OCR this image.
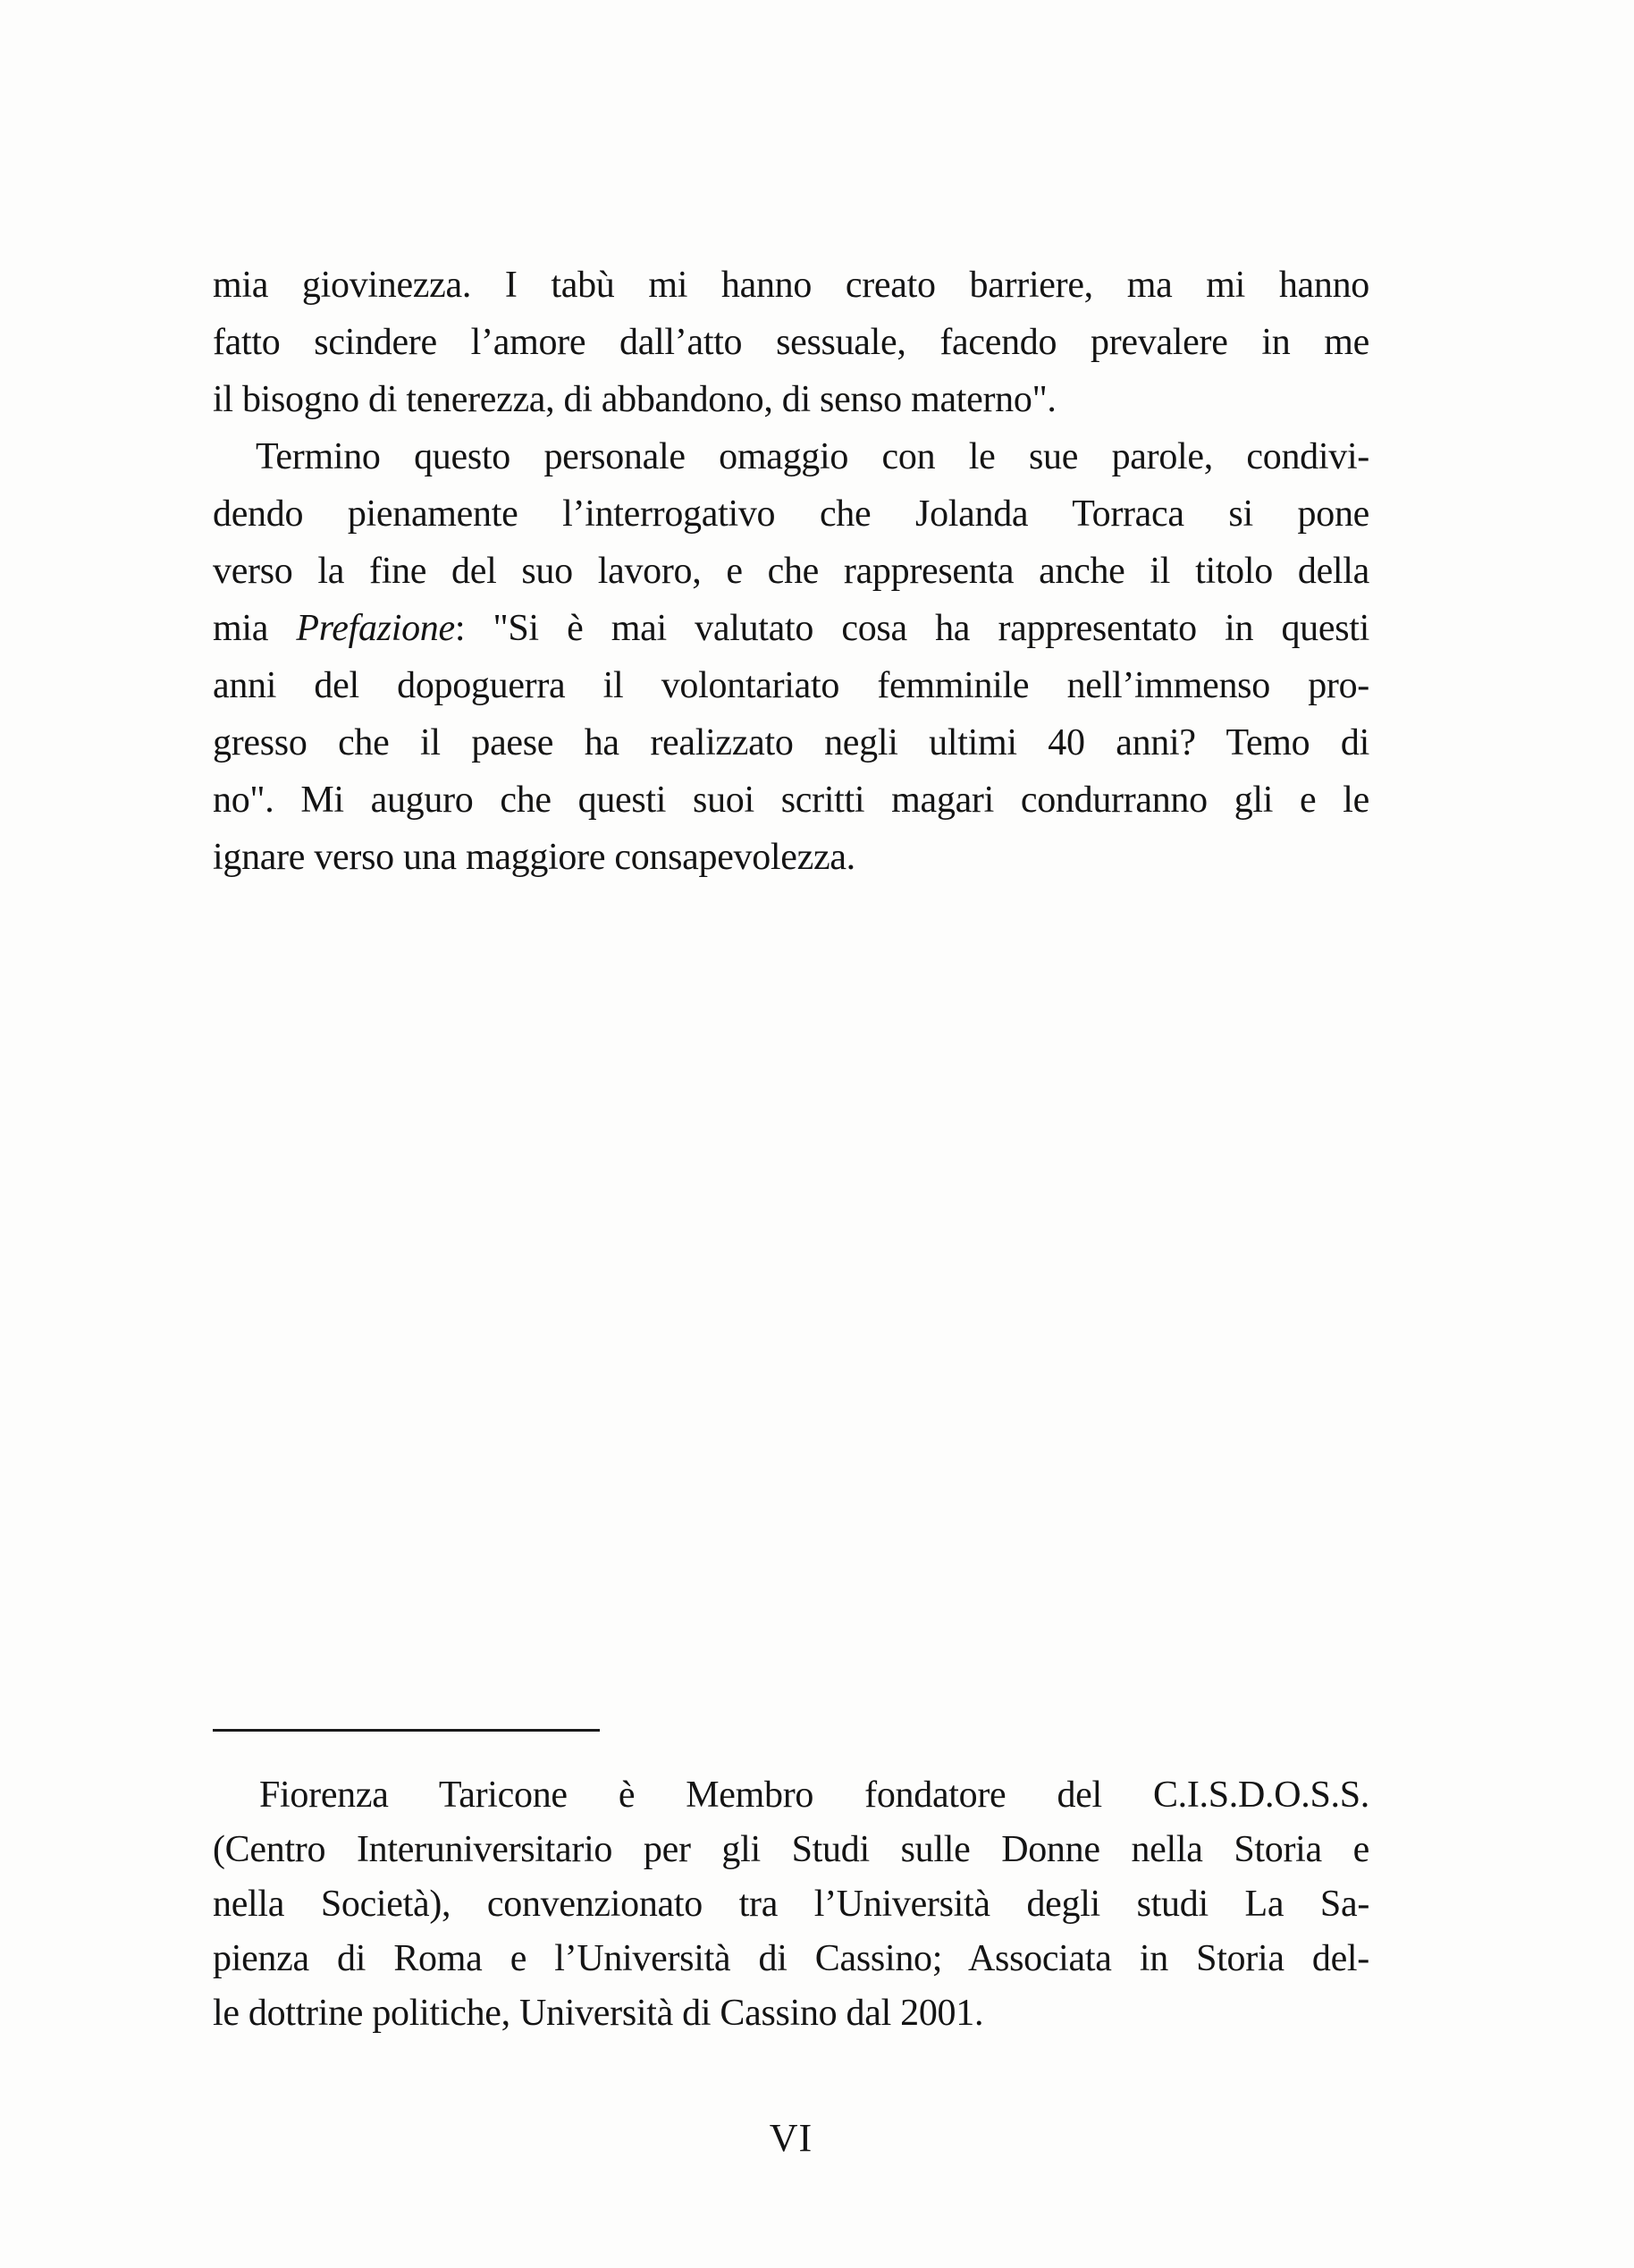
mia giovinezza. I tabù mi hanno creato barriere, ma mi hanno
fatto scindere l’amore dall’atto sessuale, facendo prevalere in me
il bisogno di tenerezza, di abbandono, di senso materno".
Termino questo personale omaggio con le sue parole, condivi-
dendo pienamente l’interrogativo che Jolanda Torraca si pone
verso la fine del suo lavoro, e che rappresenta anche il titolo della
mia Prefazione: "Si è mai valutato cosa ha rappresentato in questi
anni del dopoguerra il volontariato femminile nell’immenso pro-
gresso che il paese ha realizzato negli ultimi 40 anni? Temo di
no". Mi auguro che questi suoi scritti magari condurranno gli e le
ignare verso una maggiore consapevolezza.
Fiorenza Taricone è Membro fondatore del C.I.S.D.O.S.S.
(Centro Interuniversitario per gli Studi sulle Donne nella Storia e
nella Società), convenzionato tra l’Università degli studi La Sa-
pienza di Roma e l’Università di Cassino; Associata in Storia del-
le dottrine politiche, Università di Cassino dal 2001.
VI
